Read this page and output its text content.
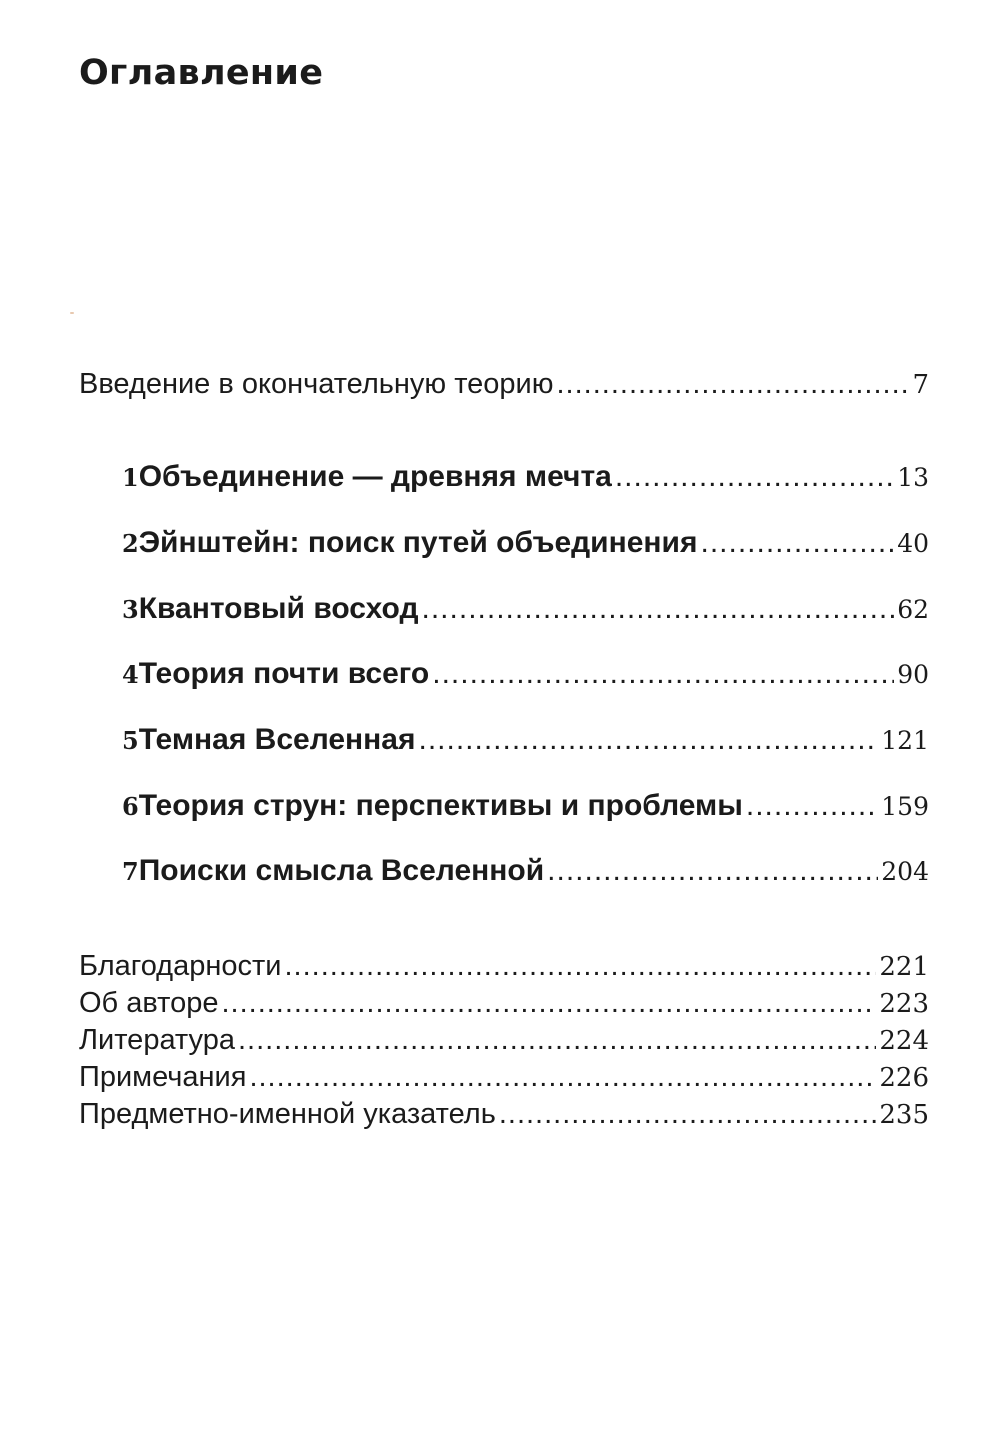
Оглавление
Введение в окончательную теорию .....	7
1 Объединение — древняя мечта .....	13
2 Эйнштейн: поиск путей объединения .....	40
3 Квантовый восход .....	62
4 Теория почти всего .....	90
5 Темная Вселенная .....	121
6 Теория струн: перспективы и проблемы .....	159
7 Поиски смысла Вселенной .....	204
Благодарности .....	221
Об авторе .....	223
Литература .....	224
Примечания .....	226
Предметно-именной указатель .....	235
